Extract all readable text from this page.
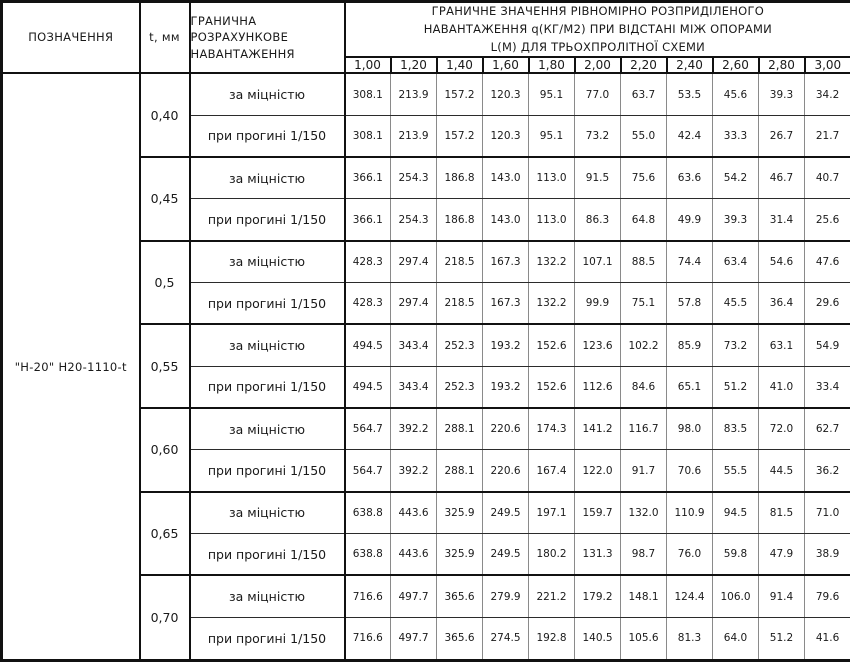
ПОЗНАЧЕННЯ	t, мм	
ГРАНИЧНА
РОЗРАХУНКОВЕ
НАВАНТАЖЕННЯ

ГРАНИЧНЕ ЗНАЧЕННЯ РІВНОМІРНО РОЗПРИДІЛЕНОГО
НАВАНТАЖЕННЯ q(КГ/М2) ПРИ ВІДСТАНІ МІЖ ОПОРАМИ
L(М) ДЛЯ ТРЬОХПРОЛІТНОЇ СХЕМИ

			1,00	1,20	1,40	1,60	1,80	2,00	2,20	2,40	2,60	2,80	3,00
"Н-20" Н20-1110-t	0,40	за міцністю	308.1	213.9	157.2	120.3	95.1	77.0	63.7	53.5	45.6	39.3	34.2
		при прогині 1/150	308.1	213.9	157.2	120.3	95.1	73.2	55.0	42.4	33.3	26.7	21.7
	0,45	за міцністю	366.1	254.3	186.8	143.0	113.0	91.5	75.6	63.6	54.2	46.7	40.7
		при прогині 1/150	366.1	254.3	186.8	143.0	113.0	86.3	64.8	49.9	39.3	31.4	25.6
	0,5	за міцністю	428.3	297.4	218.5	167.3	132.2	107.1	88.5	74.4	63.4	54.6	47.6
		при прогині 1/150	428.3	297.4	218.5	167.3	132.2	99.9	75.1	57.8	45.5	36.4	29.6
	0,55	за міцністю	494.5	343.4	252.3	193.2	152.6	123.6	102.2	85.9	73.2	63.1	54.9
		при прогині 1/150	494.5	343.4	252.3	193.2	152.6	112.6	84.6	65.1	51.2	41.0	33.4
	0,60	за міцністю	564.7	392.2	288.1	220.6	174.3	141.2	116.7	98.0	83.5	72.0	62.7
		при прогині 1/150	564.7	392.2	288.1	220.6	167.4	122.0	91.7	70.6	55.5	44.5	36.2
	0,65	за міцністю	638.8	443.6	325.9	249.5	197.1	159.7	132.0	110.9	94.5	81.5	71.0
		при прогині 1/150	638.8	443.6	325.9	249.5	180.2	131.3	98.7	76.0	59.8	47.9	38.9
	0,70	за міцністю	716.6	497.7	365.6	279.9	221.2	179.2	148.1	124.4	106.0	91.4	79.6
		при прогині 1/150	716.6	497.7	365.6	274.5	192.8	140.5	105.6	81.3	64.0	51.2	41.6
